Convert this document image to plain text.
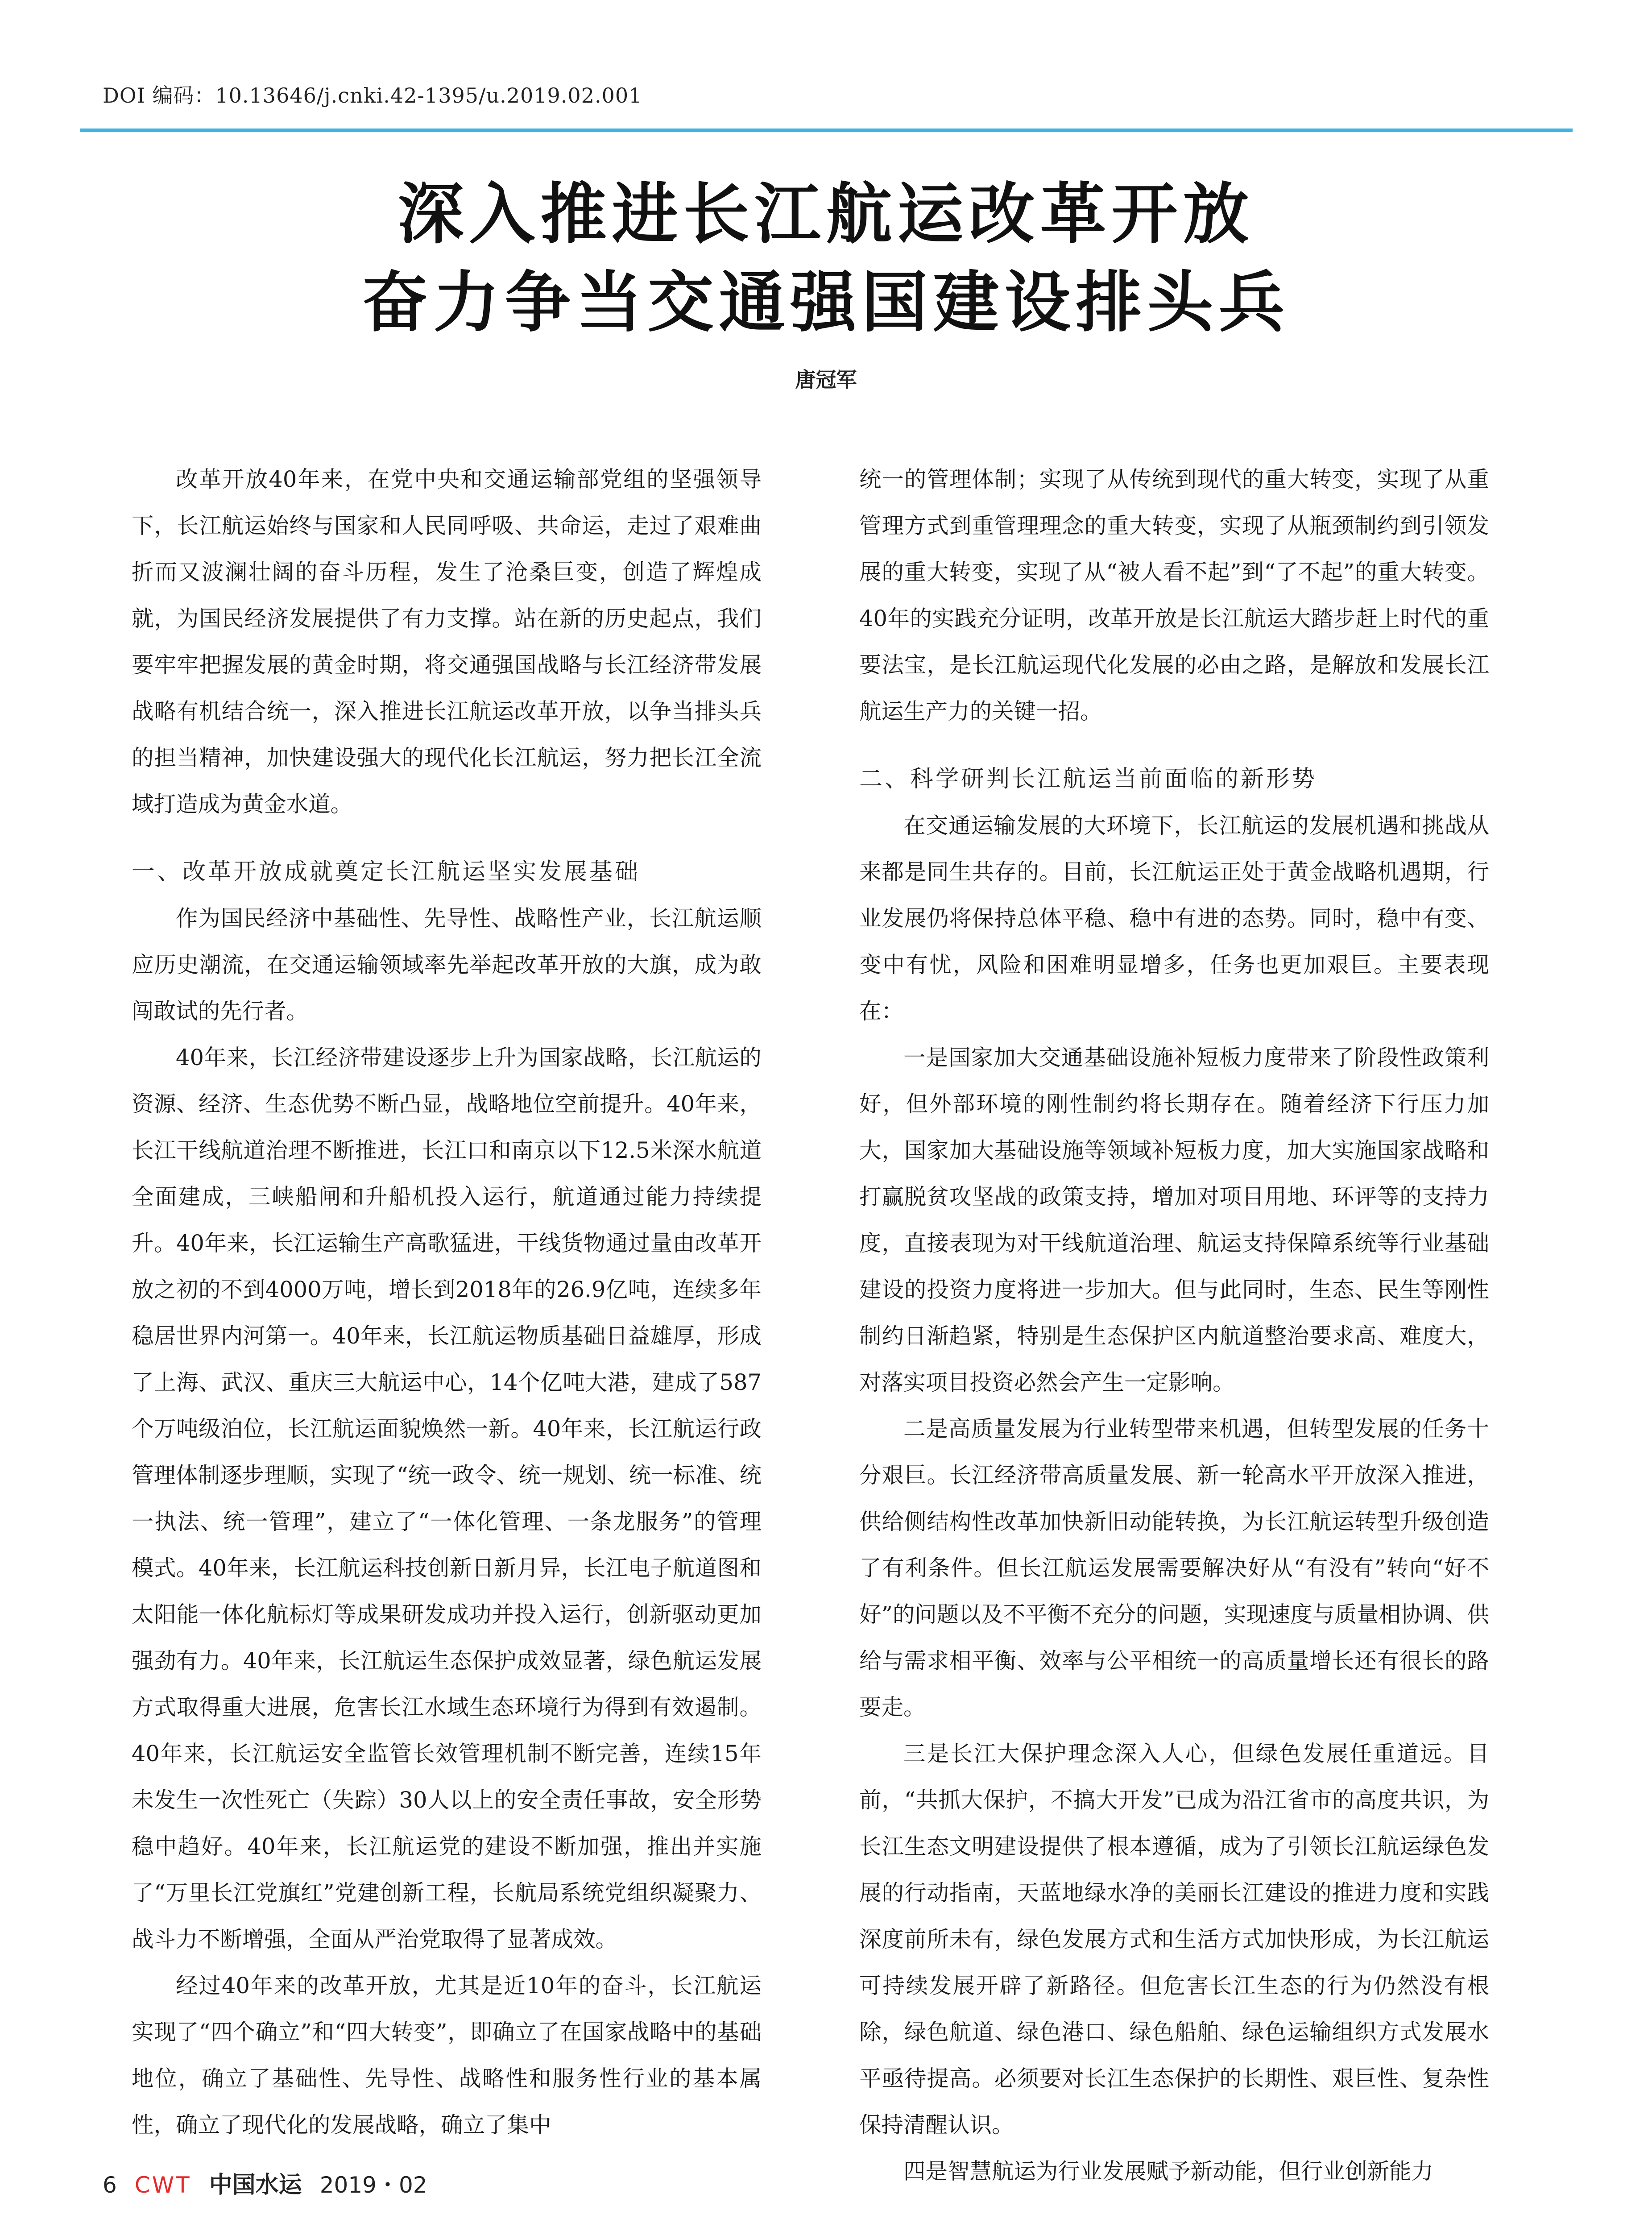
DOI 编码：10.13646/j.cnki.42-1395/u.2019.02.001
深入推进长江航运改革开放
奋力争当交通强国建设排头兵
唐冠军

改革开放40年来，在党中央和交通运输部党组的坚强领导下，长江航运始终与国家和人民同呼吸、共命运，走过了艰难曲折而又波澜壮阔的奋斗历程，发生了沧桑巨变，创造了辉煌成就，为国民经济发展提供了有力支撑。站在新的历史起点，我们要牢牢把握发展的黄金时期，将交通强国战略与长江经济带发展战略有机结合统一，深入推进长江航运改革开放，以争当排头兵的担当精神，加快建设强大的现代化长江航运，努力把长江全流域打造成为黄金水道。

一、改革开放成就奠定长江航运坚实发展基础

作为国民经济中基础性、先导性、战略性产业，长江航运顺应历史潮流，在交通运输领域率先举起改革开放的大旗，成为敢闯敢试的先行者。

40年来，长江经济带建设逐步上升为国家战略，长江航运的资源、经济、生态优势不断凸显，战略地位空前提升。40年来，长江干线航道治理不断推进，长江口和南京以下12.5米深水航道全面建成，三峡船闸和升船机投入运行，航道通过能力持续提升。40年来，长江运输生产高歌猛进，干线货物通过量由改革开放之初的不到4000万吨，增长到2018年的26.9亿吨，连续多年稳居世界内河第一。40年来，长江航运物质基础日益雄厚，形成了上海、武汉、重庆三大航运中心，14个亿吨大港，建成了587个万吨级泊位，长江航运面貌焕然一新。40年来，长江航运行政管理体制逐步理顺，实现了“统一政令、统一规划、统一标准、统一执法、统一管理”，建立了“一体化管理、一条龙服务”的管理模式。40年来，长江航运科技创新日新月异，长江电子航道图和太阳能一体化航标灯等成果研发成功并投入运行，创新驱动更加强劲有力。40年来，长江航运生态保护成效显著，绿色航运发展方式取得重大进展，危害长江水域生态环境行为得到有效遏制。40年来，长江航运安全监管长效管理机制不断完善，连续15年未发生一次性死亡（失踪）30人以上的安全责任事故，安全形势稳中趋好。40年来，长江航运党的建设不断加强，推出并实施了“万里长江党旗红”党建创新工程，长航局系统党组织凝聚力、战斗力不断增强，全面从严治党取得了显著成效。

经过40年来的改革开放，尤其是近10年的奋斗，长江航运实现了“四个确立”和“四大转变”，即确立了在国家战略中的基础地位，确立了基础性、先导性、战略性和服务性行业的基本属性，确立了现代化的发展战略，确立了集中

统一的管理体制；实现了从传统到现代的重大转变，实现了从重管理方式到重管理理念的重大转变，实现了从瓶颈制约到引领发展的重大转变，实现了从“被人看不起”到“了不起”的重大转变。40年的实践充分证明，改革开放是长江航运大踏步赶上时代的重要法宝，是长江航运现代化发展的必由之路，是解放和发展长江航运生产力的关键一招。

二、科学研判长江航运当前面临的新形势

在交通运输发展的大环境下，长江航运的发展机遇和挑战从来都是同生共存的。目前，长江航运正处于黄金战略机遇期，行业发展仍将保持总体平稳、稳中有进的态势。同时，稳中有变、变中有忧，风险和困难明显增多，任务也更加艰巨。主要表现在：

一是国家加大交通基础设施补短板力度带来了阶段性政策利好，但外部环境的刚性制约将长期存在。随着经济下行压力加大，国家加大基础设施等领域补短板力度，加大实施国家战略和打赢脱贫攻坚战的政策支持，增加对项目用地、环评等的支持力度，直接表现为对干线航道治理、航运支持保障系统等行业基础建设的投资力度将进一步加大。但与此同时，生态、民生等刚性制约日渐趋紧，特别是生态保护区内航道整治要求高、难度大，对落实项目投资必然会产生一定影响。

二是高质量发展为行业转型带来机遇，但转型发展的任务十分艰巨。长江经济带高质量发展、新一轮高水平开放深入推进，供给侧结构性改革加快新旧动能转换，为长江航运转型升级创造了有利条件。但长江航运发展需要解决好从“有没有”转向“好不好”的问题以及不平衡不充分的问题，实现速度与质量相协调、供给与需求相平衡、效率与公平相统一的高质量增长还有很长的路要走。

三是长江大保护理念深入人心，但绿色发展任重道远。目前，“共抓大保护，不搞大开发”已成为沿江省市的高度共识，为长江生态文明建设提供了根本遵循，成为了引领长江航运绿色发展的行动指南，天蓝地绿水净的美丽长江建设的推进力度和实践深度前所未有，绿色发展方式和生活方式加快形成，为长江航运可持续发展开辟了新路径。但危害长江生态的行为仍然没有根除，绿色航道、绿色港口、绿色船舶、绿色运输组织方式发展水平亟待提高。必须要对长江生态保护的长期性、艰巨性、复杂性保持清醒认识。

四是智慧航运为行业发展赋予新动能，但行业创新能力

6 CWT 中国水运 2019・02
